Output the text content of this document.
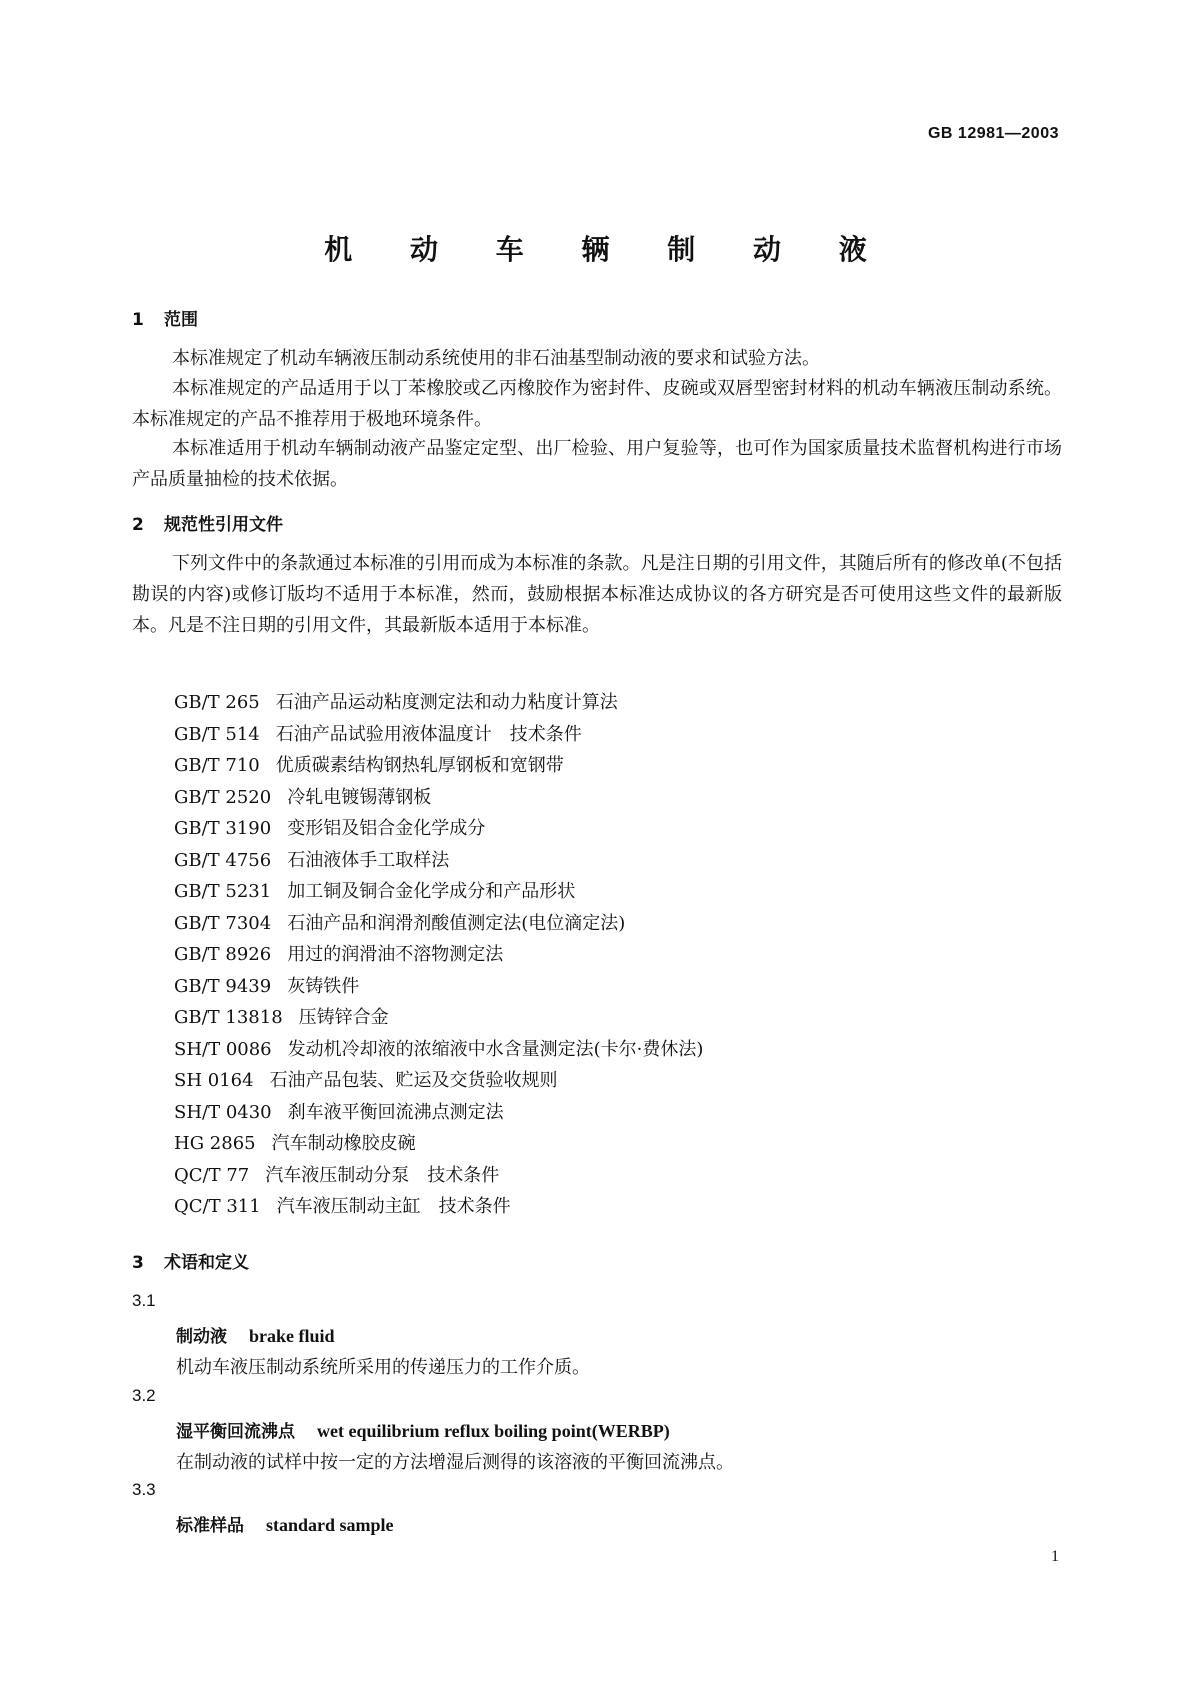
GB 12981—2003
机 动 车 辆 制 动 液
1 范围
本标准规定了机动车辆液压制动系统使用的非石油基型制动液的要求和试验方法。
本标准规定的产品适用于以丁苯橡胶或乙丙橡胶作为密封件、皮碗或双唇型密封材料的机动车辆液压制动系统。本标准规定的产品不推荐用于极地环境条件。
本标准适用于机动车辆制动液产品鉴定定型、出厂检验、用户复验等，也可作为国家质量技术监督机构进行市场产品质量抽检的技术依据。
2 规范性引用文件
下列文件中的条款通过本标准的引用而成为本标准的条款。凡是注日期的引用文件，其随后所有的修改单(不包括勘误的内容)或修订版均不适用于本标准，然而，鼓励根据本标准达成协议的各方研究是否可使用这些文件的最新版本。凡是不注日期的引用文件，其最新版本适用于本标准。
GB/T 265 石油产品运动粘度测定法和动力粘度计算法
GB/T 514 石油产品试验用液体温度计　技术条件
GB/T 710 优质碳素结构钢热轧厚钢板和宽钢带
GB/T 2520 冷轧电镀锡薄钢板
GB/T 3190 变形铝及铝合金化学成分
GB/T 4756 石油液体手工取样法
GB/T 5231 加工铜及铜合金化学成分和产品形状
GB/T 7304 石油产品和润滑剂酸值测定法(电位滴定法)
GB/T 8926 用过的润滑油不溶物测定法
GB/T 9439 灰铸铁件
GB/T 13818 压铸锌合金
SH/T 0086 发动机冷却液的浓缩液中水含量测定法(卡尔·费休法)
SH 0164 石油产品包装、贮运及交货验收规则
SH/T 0430 刹车液平衡回流沸点测定法
HG 2865 汽车制动橡胶皮碗
QC/T 77 汽车液压制动分泵　技术条件
QC/T 311 汽车液压制动主缸　技术条件
3 术语和定义
3.1
制动液 brake fluid
机动车液压制动系统所采用的传递压力的工作介质。
3.2
湿平衡回流沸点 wet equilibrium reflux boiling point(WERBP)
在制动液的试样中按一定的方法增湿后测得的该溶液的平衡回流沸点。
3.3
标准样品 standard sample
1
